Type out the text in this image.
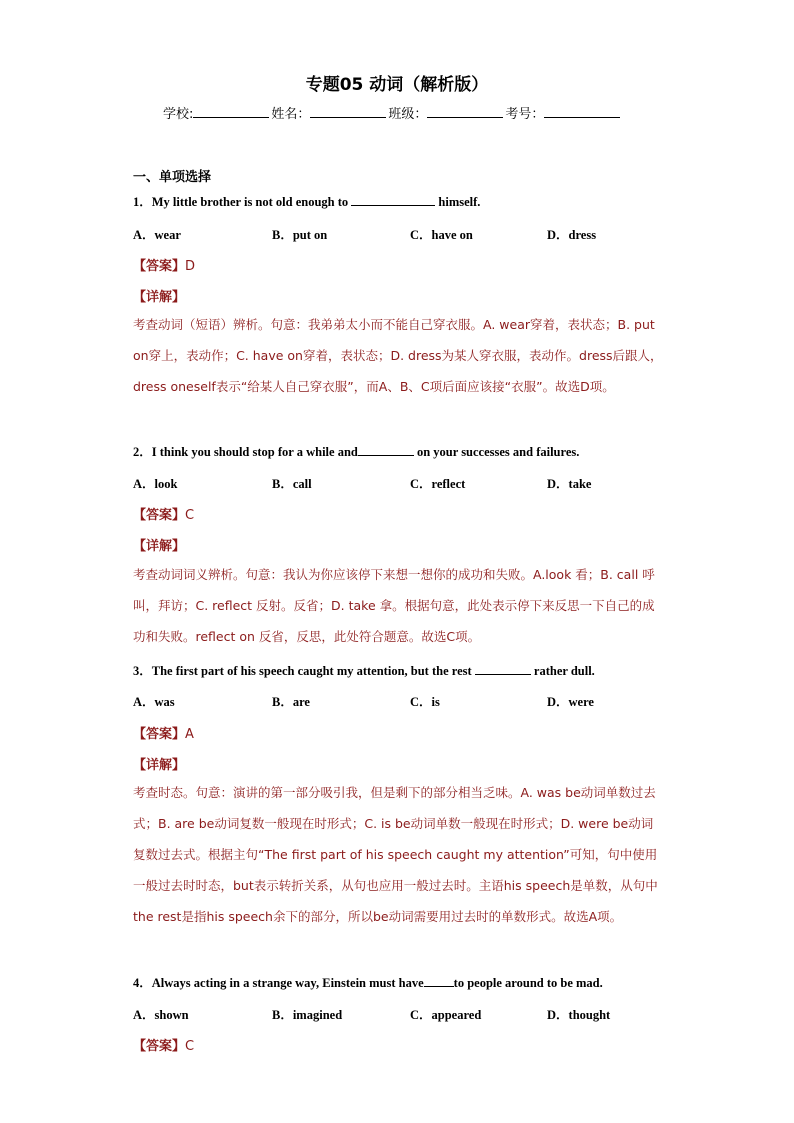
专题05 动词（解析版）
学校:	姓名：	班级：	考号：
一、单项选择
1．My little brother is not old enough to	himself.
A．wear	B．put on	C．have on	D．dress
【答案】D
【详解】
考查动词（短语）辨析。句意：我弟弟太小而不能自己穿衣服。A. wear穿着，表状态；B. put on穿上，表动作；C. have on穿着，表状态；D. dress为某人穿衣服，表动作。dress后跟人，dress oneself表示“给某人自己穿衣服”，而A、B、C项后面应该接“衣服”。故选D项。
2．I think you should stop for a while and	on your successes and failures.
A．look	B．call	C．reflect	D．take
【答案】C
【详解】
考查动词词义辨析。句意：我认为你应该停下来想一想你的成功和失败。A.look 看；B. call 呼叫，拜访；C. reflect 反射。反省；D. take 拿。根据句意，此处表示停下来反思一下自己的成功和失败。reflect on 反省，反思，此处符合题意。故选C项。
3．The first part of his speech caught my attention, but the rest	rather dull.
A．was	B．are	C．is	D．were
【答案】A
【详解】
考查时态。句意：演讲的第一部分吸引我，但是剩下的部分相当乏味。A. was be动词单数过去式；B. are be动词复数一般现在时形式；C. is be动词单数一般现在时形式；D. were be动词复数过去式。根据主句“The first part of his speech caught my attention”可知，句中使用一般过去时时态，but表示转折关系，从句也应用一般过去时。主语his speech是单数，从句中the rest是指his speech余下的部分，所以be动词需要用过去时的单数形式。故选A项。
4．Always acting in a strange way, Einstein must have to people around to be mad.
A．shown	B．imagined	C．appeared	D．thought
【答案】C
